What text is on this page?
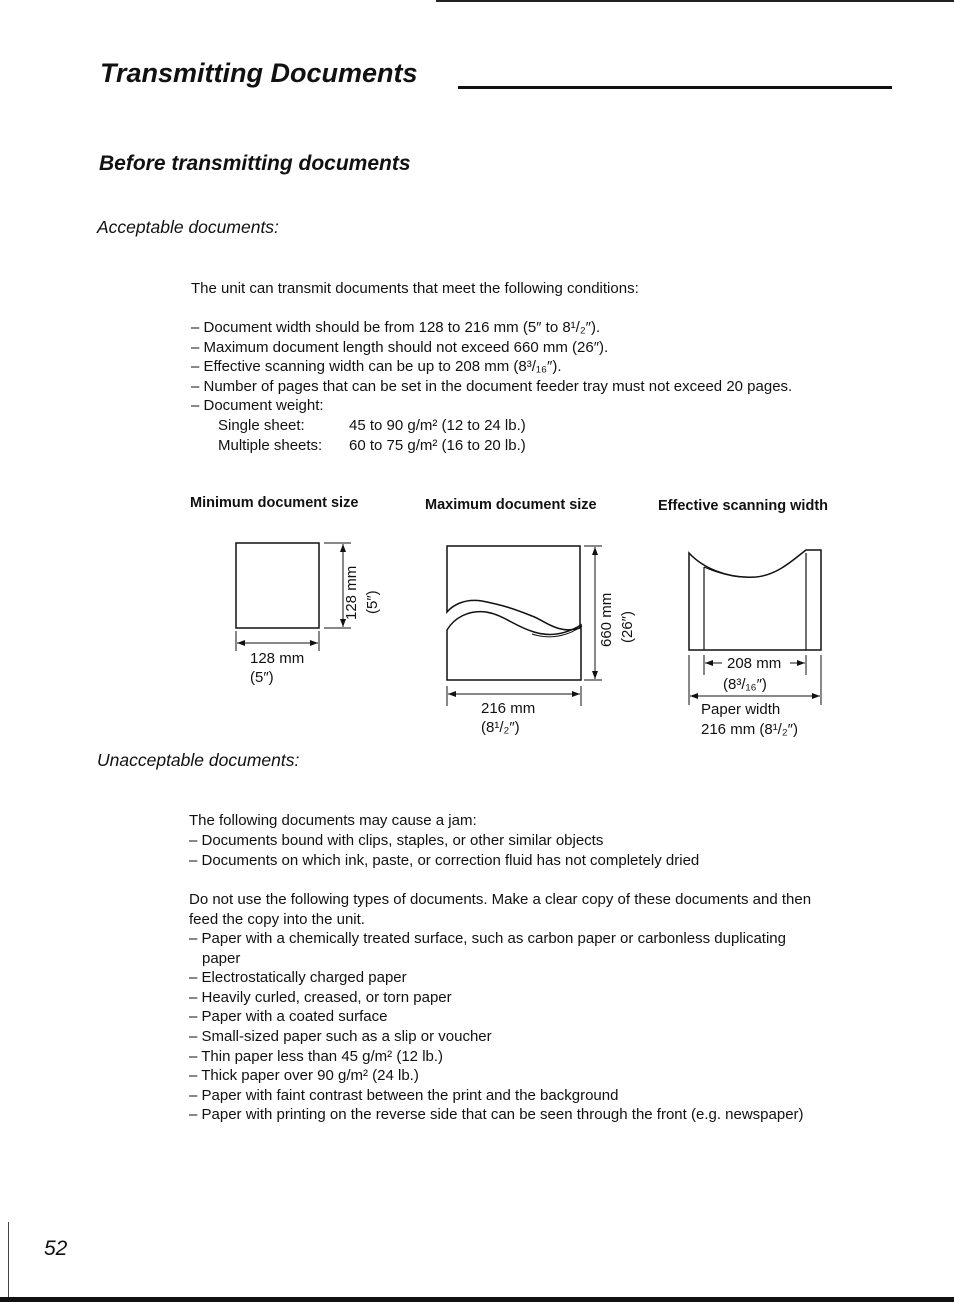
Transmitting Documents
Before transmitting documents
Acceptable documents:
The unit can transmit documents that meet the following conditions:
– Document width should be from 128 to 216 mm (5″ to 8¹/₂″).
– Maximum document length should not exceed 660 mm (26″).
– Effective scanning width can be up to 208 mm (8³/₁₆″).
– Number of pages that can be set in the document feeder tray must not exceed 20 pages.
– Document weight:
Single sheet:	45 to 90 g/m² (12 to 24 lb.)
Multiple sheets: 60 to 75 g/m² (16 to 20 lb.)
Minimum document size	Maximum document size	Effective scanning width
128 mm (5″)
128 mm
(5″)
660 mm (26″)
216 mm
(8¹/₂″)
208 mm
(8³/₁₆″)
Paper width
216 mm (8¹/₂″)
Unacceptable documents:
The following documents may cause a jam:
– Documents bound with clips, staples, or other similar objects
– Documents on which ink, paste, or correction fluid has not completely dried
Do not use the following types of documents. Make a clear copy of these documents and then
feed the copy into the unit.
– Paper with a chemically treated surface, such as carbon paper or carbonless duplicating
paper
– Electrostatically charged paper
– Heavily curled, creased, or torn paper
– Paper with a coated surface
– Small-sized paper such as a slip or voucher
– Thin paper less than 45 g/m² (12 lb.)
– Thick paper over 90 g/m² (24 lb.)
– Paper with faint contrast between the print and the background
– Paper with printing on the reverse side that can be seen through the front (e.g. newspaper)
52
